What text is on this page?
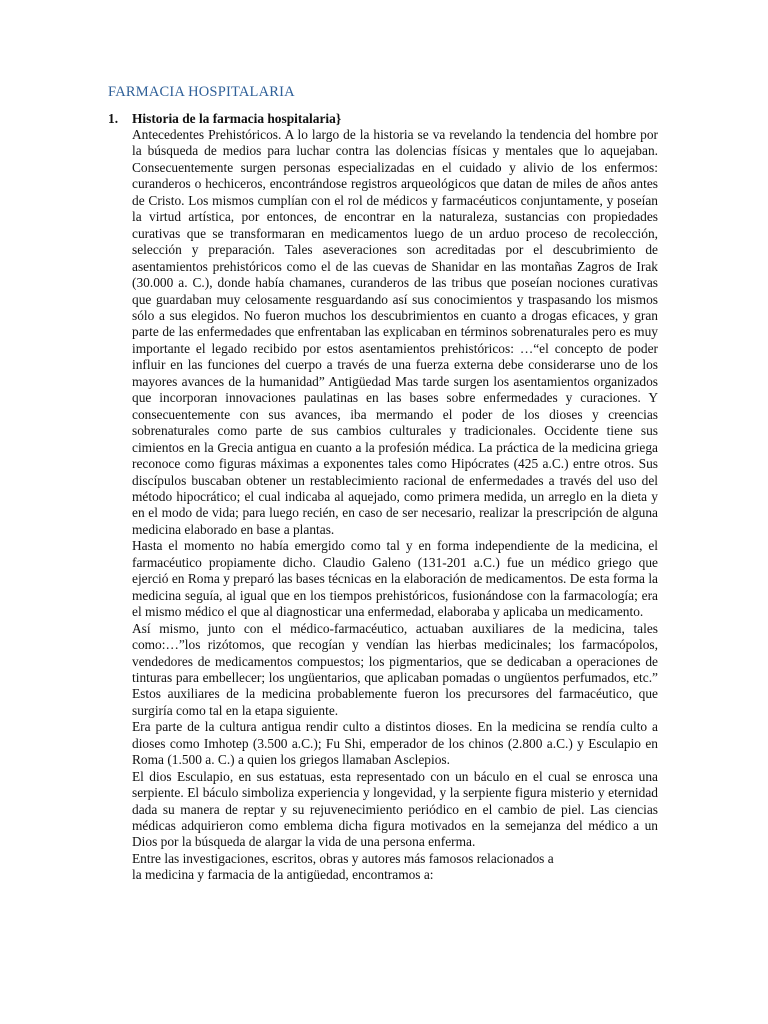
FARMACIA HOSPITALARIA
1. Historia de la farmacia hospitalaria}

Antecedentes Prehistóricos. A lo largo de la historia se va revelando la tendencia del hombre por la búsqueda de medios para luchar contra las dolencias físicas y mentales que lo aquejaban. Consecuentemente surgen personas especializadas en el cuidado y alivio de los enfermos: curanderos o hechiceros, encontrándose registros arqueológicos que datan de miles de años antes de Cristo. Los mismos cumplían con el rol de médicos y farmacéuticos conjuntamente, y poseían la virtud artística, por entonces, de encontrar en la naturaleza, sustancias con propiedades curativas que se transformaran en medicamentos luego de un arduo proceso de recolección, selección y preparación. Tales aseveraciones son acreditadas por el descubrimiento de asentamientos prehistóricos como el de las cuevas de Shanidar en las montañas Zagros de Irak (30.000 a. C.), donde había chamanes, curanderos de las tribus que poseían nociones curativas que guardaban muy celosamente resguardando así sus conocimientos y traspasando los mismos sólo a sus elegidos. No fueron muchos los descubrimientos en cuanto a drogas eficaces, y gran parte de las enfermedades que enfrentaban las explicaban en términos sobrenaturales pero es muy importante el legado recibido por estos asentamientos prehistóricos: …“el concepto de poder influir en las funciones del cuerpo a través de una fuerza externa debe considerarse uno de los mayores avances de la humanidad” Antigüedad Mas tarde surgen los asentamientos organizados que incorporan innovaciones paulatinas en las bases sobre enfermedades y curaciones. Y consecuentemente con sus avances, iba mermando el poder de los dioses y creencias sobrenaturales como parte de sus cambios culturales y tradicionales. Occidente tiene sus cimientos en la Grecia antigua en cuanto a la profesión médica. La práctica de la medicina griega reconoce como figuras máximas a exponentes tales como Hipócrates (425 a.C.) entre otros. Sus discípulos buscaban obtener un restablecimiento racional de enfermedades a través del uso del método hipocrático; el cual indicaba al aquejado, como primera medida, un arreglo en la dieta y en el modo de vida; para luego recién, en caso de ser necesario, realizar la prescripción de alguna medicina elaborado en base a plantas.

Hasta el momento no había emergido como tal y en forma independiente de la medicina, el farmacéutico propiamente dicho. Claudio Galeno (131-201 a.C.) fue un médico griego que ejerció en Roma y preparó las bases técnicas en la elaboración de medicamentos. De esta forma la medicina seguía, al igual que en los tiempos prehistóricos, fusionándose con la farmacología; era el mismo médico el que al diagnosticar una enfermedad, elaboraba y aplicaba un medicamento.

Así mismo, junto con el médico-farmacéutico, actuaban auxiliares de la medicina, tales como:…”los rizótomos, que recogían y vendían las hierbas medicinales; los farmacópolos, vendedores de medicamentos compuestos; los pigmentarios, que se dedicaban a operaciones de tinturas para embellecer; los ungüentarios, que aplicaban pomadas o ungüentos perfumados, etc.” Estos auxiliares de la medicina probablemente fueron los precursores del farmacéutico, que surgiría como tal en la etapa siguiente.

Era parte de la cultura antigua rendir culto a distintos dioses. En la medicina se rendía culto a dioses como Imhotep (3.500 a.C.); Fu Shi, emperador de los chinos (2.800 a.C.) y Esculapio en Roma (1.500 a. C.) a quien los griegos llamaban Asclepios.

El dios Esculapio, en sus estatuas, esta representado con un báculo en el cual se enrosca una serpiente. El báculo simboliza experiencia y longevidad, y la serpiente figura misterio y eternidad dada su manera de reptar y su rejuvenecimiento periódico en el cambio de piel. Las ciencias médicas adquirieron como emblema dicha figura motivados en la semejanza del médico a un Dios por la búsqueda de alargar la vida de una persona enferma.

Entre las investigaciones, escritos, obras y autores más famosos relacionados a
la medicina y farmacia de la antigüedad, encontramos a:
